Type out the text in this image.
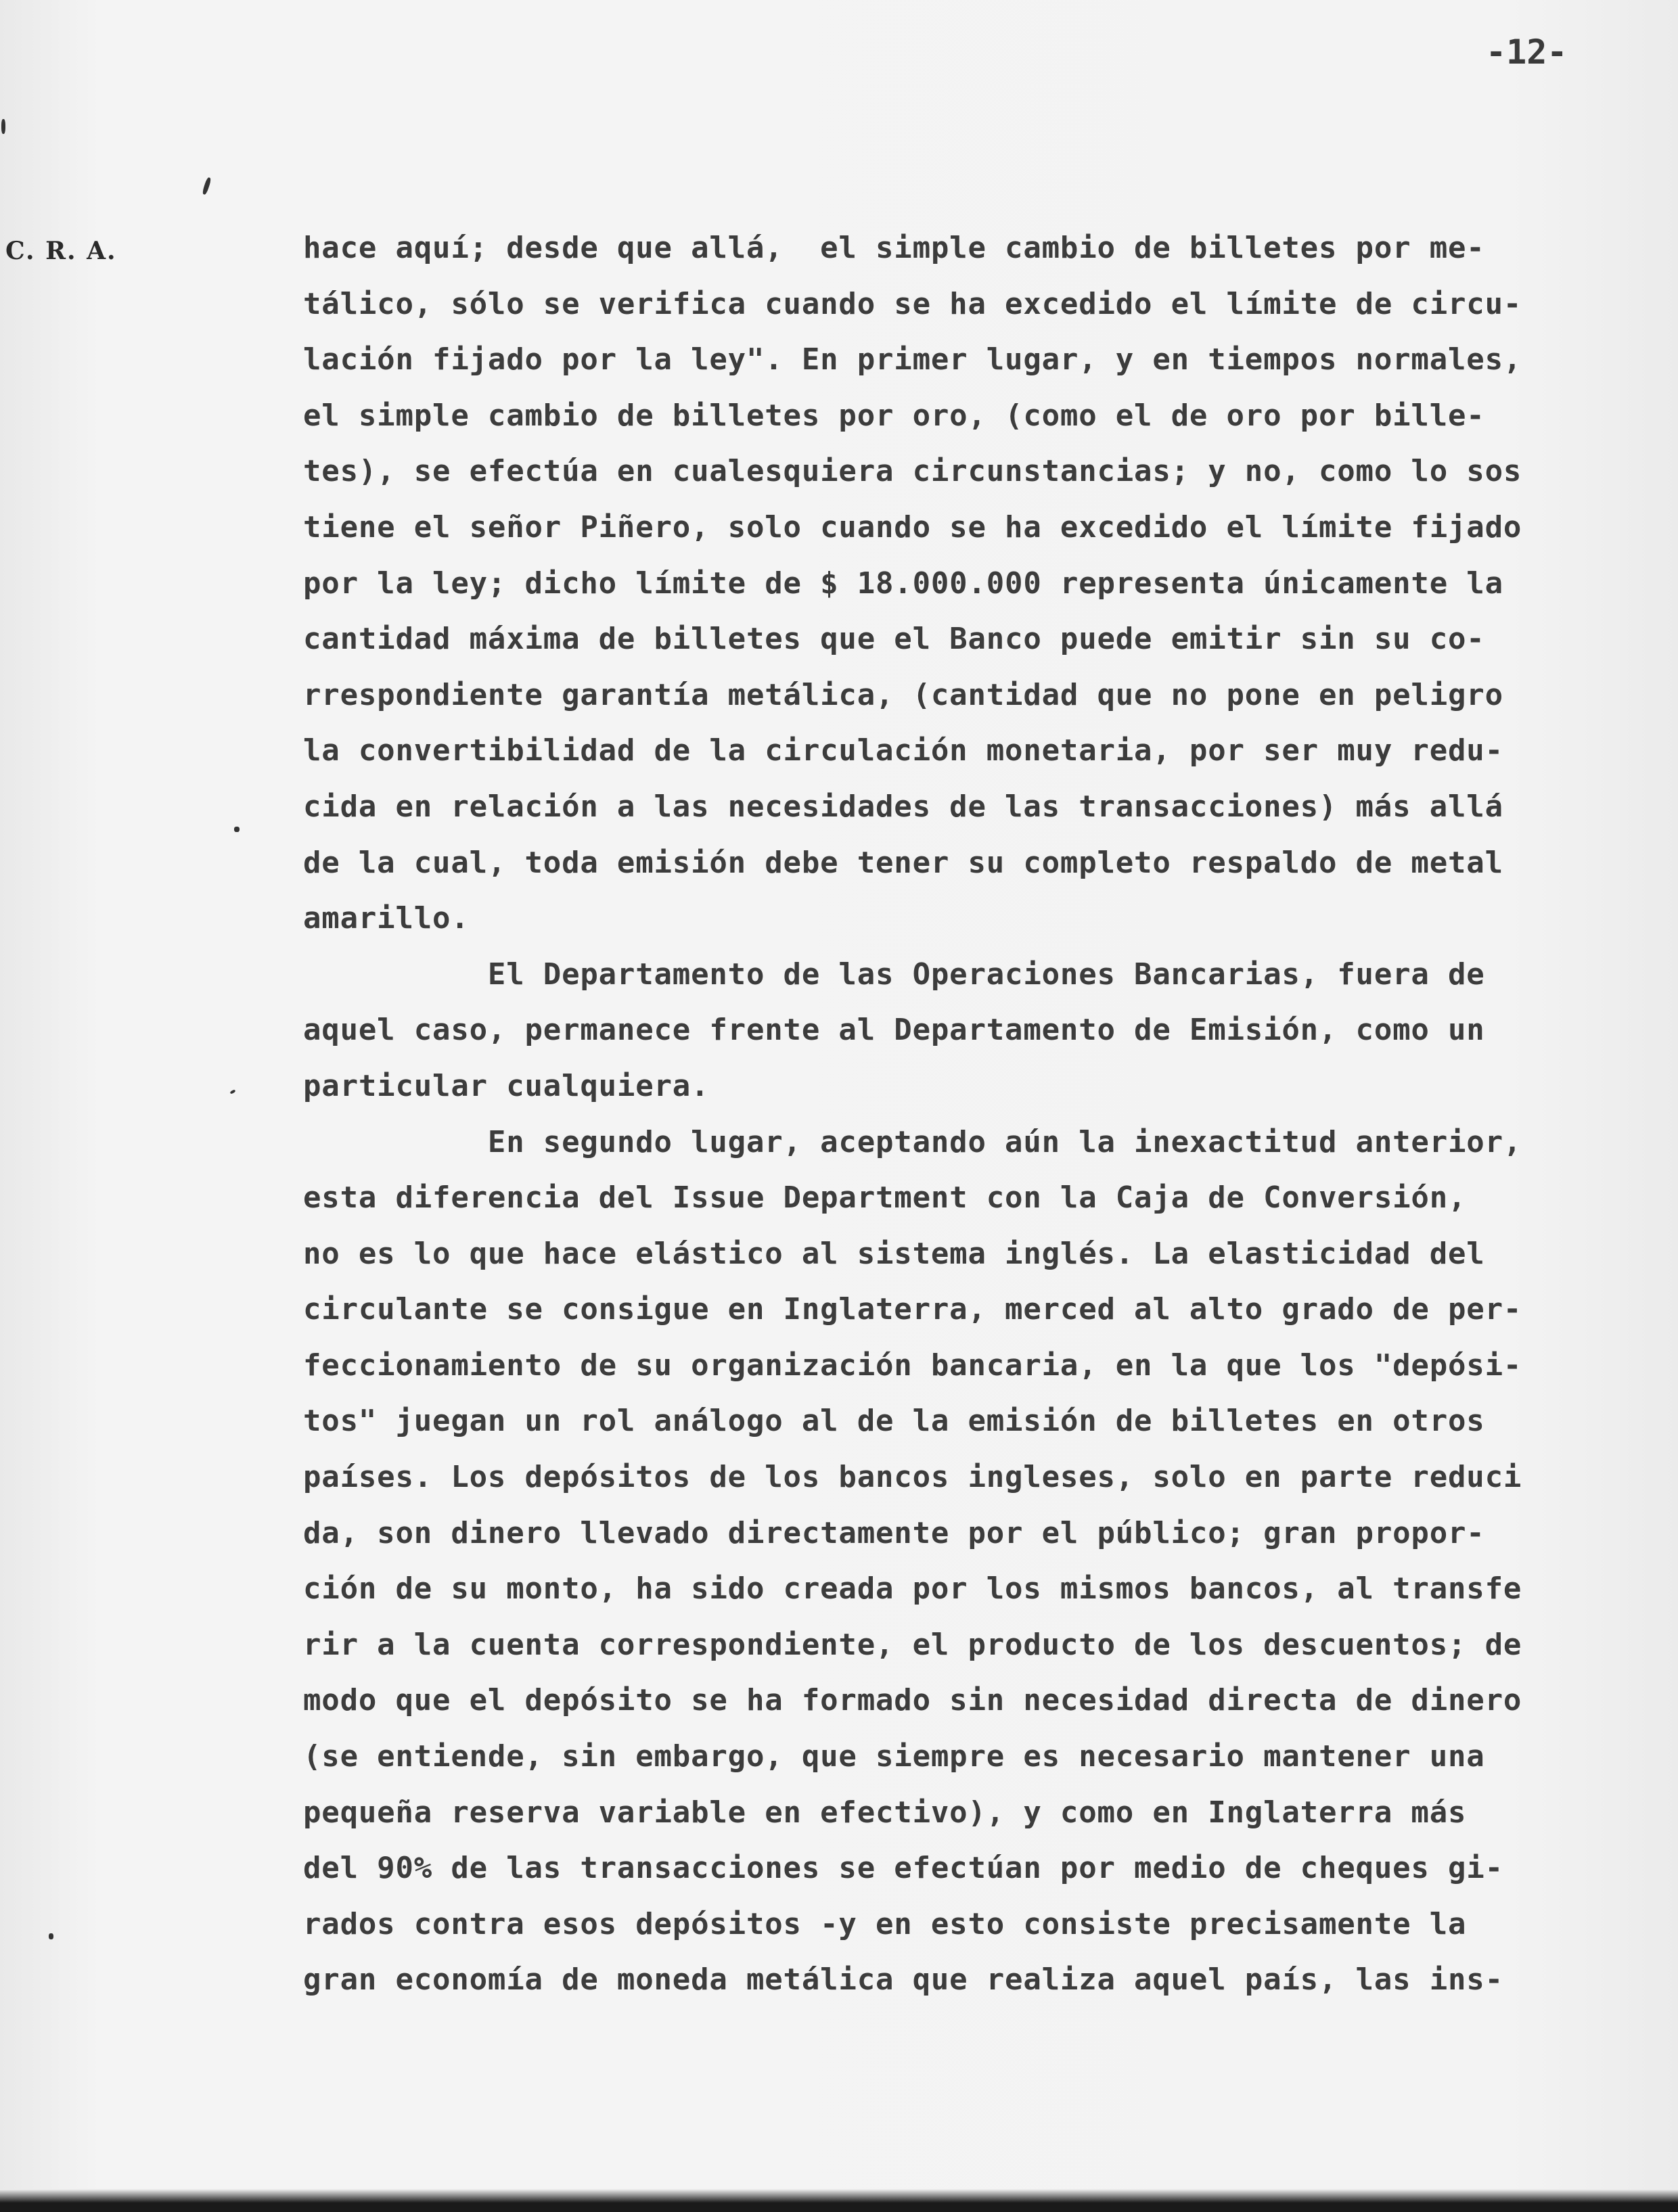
-12-
C. R. A.	hace aquí; desde que allá,  el simple cambio de billetes por me-
tálico, sólo se verifica cuando se ha excedido el límite de circu-
lación fijado por la ley". En primer lugar, y en tiempos normales,
el simple cambio de billetes por oro, (como el de oro por bille-
tes), se efectúa en cualesquiera circunstancias; y no, como lo sos
tiene el señor Piñero, solo cuando se ha excedido el límite fijado
por la ley; dicho límite de $ 18.000.000 representa únicamente la
cantidad máxima de billetes que el Banco puede emitir sin su co-
rrespondiente garantía metálica, (cantidad que no pone en peligro
la convertibilidad de la circulación monetaria, por ser muy redu-
cida en relación a las necesidades de las transacciones) más allá
de la cual, toda emisión debe tener su completo respaldo de metal
amarillo.
El Departamento de las Operaciones Bancarias, fuera de
aquel caso, permanece frente al Departamento de Emisión, como un
particular cualquiera.
En segundo lugar, aceptando aún la inexactitud anterior,
esta diferencia del Issue Department con la Caja de Conversión,
no es lo que hace elástico al sistema inglés. La elasticidad del
circulante se consigue en Inglaterra, merced al alto grado de per-
feccionamiento de su organización bancaria, en la que los "depósi-
tos" juegan un rol análogo al de la emisión de billetes en otros
países. Los depósitos de los bancos ingleses, solo en parte reduci
da, son dinero llevado directamente por el público; gran propor-
ción de su monto, ha sido creada por los mismos bancos, al transfe
rir a la cuenta correspondiente, el producto de los descuentos; de
modo que el depósito se ha formado sin necesidad directa de dinero
(se entiende, sin embargo, que siempre es necesario mantener una
pequeña reserva variable en efectivo), y como en Inglaterra más
del 90% de las transacciones se efectúan por medio de cheques gi-
rados contra esos depósitos -y en esto consiste precisamente la
gran economía de moneda metálica que realiza aquel país, las ins-
